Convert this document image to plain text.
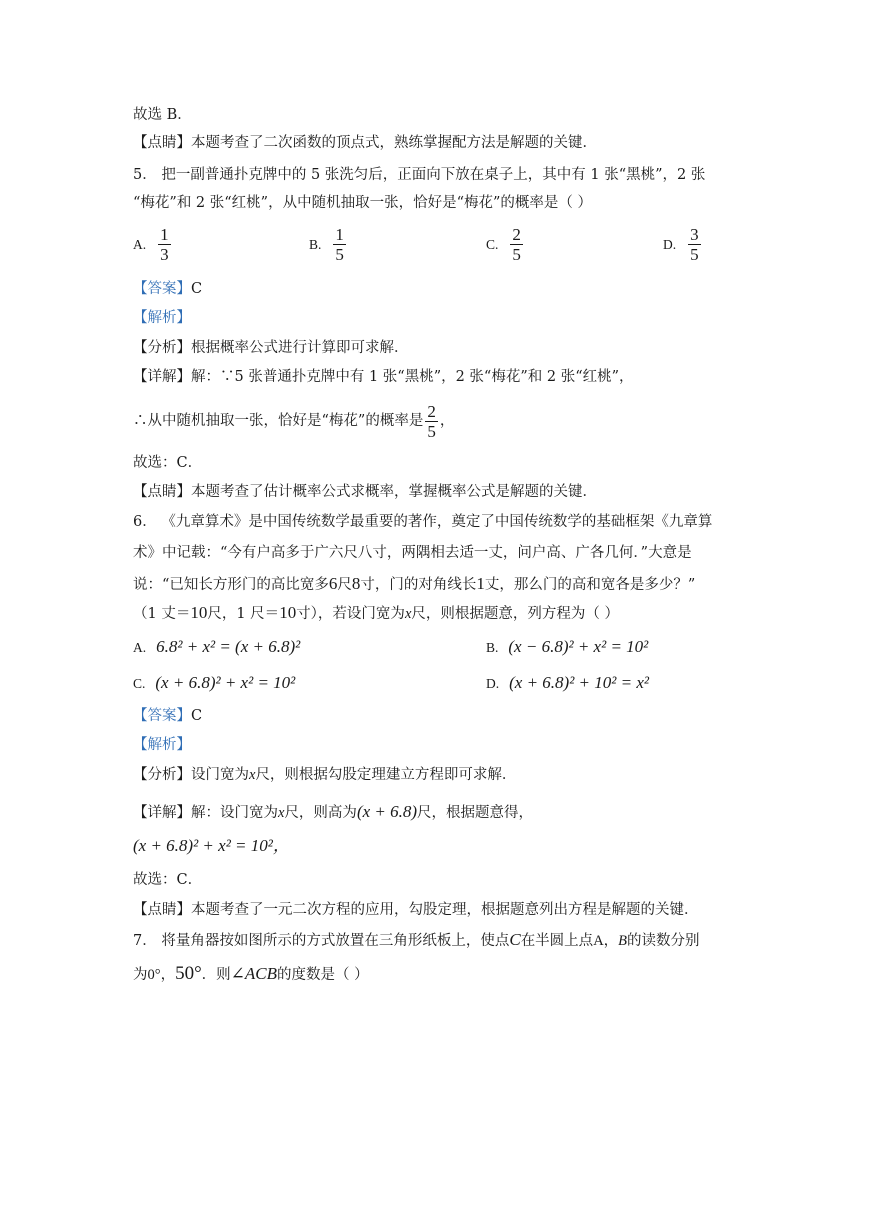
故选 B．
【点睛】本题考查了二次函数的顶点式，熟练掌握配方法是解题的关键．
5． 把一副普通扑克牌中的 5 张洗匀后，正面向下放在桌子上，其中有 1 张“黑桃”，2 张
“梅花”和 2 张“红桃”，从中随机抽取一张，恰好是“梅花”的概率是（ ）
A. $\frac{1}{3}$	B. $\frac{1}{5}$	C. $\frac{2}{5}$	D. $\frac{3}{5}$
【答案】C
【解析】
【分析】根据概率公式进行计算即可求解．
【详解】解：∵5 张普通扑克牌中有 1 张“黑桃”，2 张“梅花”和 2 张“红桃”，
∴从中随机抽取一张，恰好是“梅花”的概率是 $\frac{2}{5}$ ，
故选：C．
【点睛】本题考查了估计概率公式求概率，掌握概率公式是解题的关键．
6． 《九章算术》是中国传统数学最重要的著作，奠定了中国传统数学的基础框架《九章算
术》中记载：“今有户高多于广六尺八寸，两隅相去适一丈，问户高、广各几何．”大意是
说：“已知长方形门的高比宽多6尺8寸，门的对角线长1丈，那么门的高和宽各是多少？”
（1 丈＝10尺，1 尺＝10寸），若设门宽为x尺，则根据题意，列方程为（ ）
A. 6.8² + x² = (x + 6.8)²	B. (x − 6.8)² + x² = 10²
C. (x + 6.8)² + x² = 10²	D. (x + 6.8)² + 10² = x²
【答案】C
【解析】
【分析】设门宽为x尺，则根据勾股定理建立方程即可求解．
【详解】解：设门宽为x尺，则高为(x + 6.8)尺，根据题意得，
(x + 6.8)² + x² = 10²，
故选：C．
【点睛】本题考查了一元二次方程的应用，勾股定理，根据题意列出方程是解题的关键．
7． 将量角器按如图所示的方式放置在三角形纸板上，使点C在半圆上点A，B的读数分别
为0°，50°．则∠ACB的度数是（ ）
